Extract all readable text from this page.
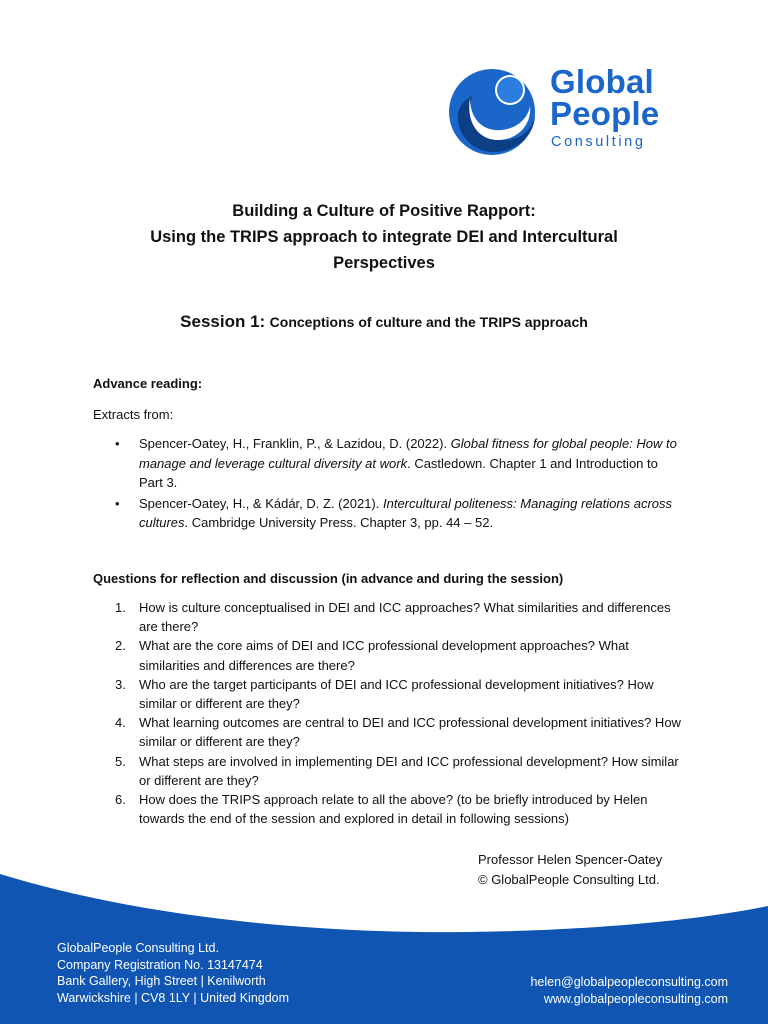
Global
People
Consulting
Building a Culture of Positive Rapport:
Using the TRIPS approach to integrate DEI and Intercultural
Perspectives
Session 1: Conceptions of culture and the TRIPS approach
Advance reading:
Extracts from:
• Spencer-Oatey, H., Franklin, P., & Lazidou, D. (2022). Global fitness for global people: How to manage and leverage cultural diversity at work. Castledown. Chapter 1 and Introduction to Part 3.
• Spencer-Oatey, H., & Kádár, D. Z. (2021). Intercultural politeness: Managing relations across cultures. Cambridge University Press. Chapter 3, pp. 44 – 52.
Questions for reflection and discussion (in advance and during the session)
1. How is culture conceptualised in DEI and ICC approaches? What similarities and differences are there?
2. What are the core aims of DEI and ICC professional development approaches? What similarities and differences are there?
3. Who are the target participants of DEI and ICC professional development initiatives? How similar or different are they?
4. What learning outcomes are central to DEI and ICC professional development initiatives? How similar or different are they?
5. What steps are involved in implementing DEI and ICC professional development? How similar or different are they?
6. How does the TRIPS approach relate to all the above? (to be briefly introduced by Helen towards the end of the session and explored in detail in following sessions)
Professor Helen Spencer-Oatey
© GlobalPeople Consulting Ltd.
GlobalPeople Consulting Ltd.
Company Registration No. 13147474
Bank Gallery, High Street | Kenilworth
Warwickshire | CV8 1LY | United Kingdom
helen@globalpeopleconsulting.com
www.globalpeopleconsulting.com
